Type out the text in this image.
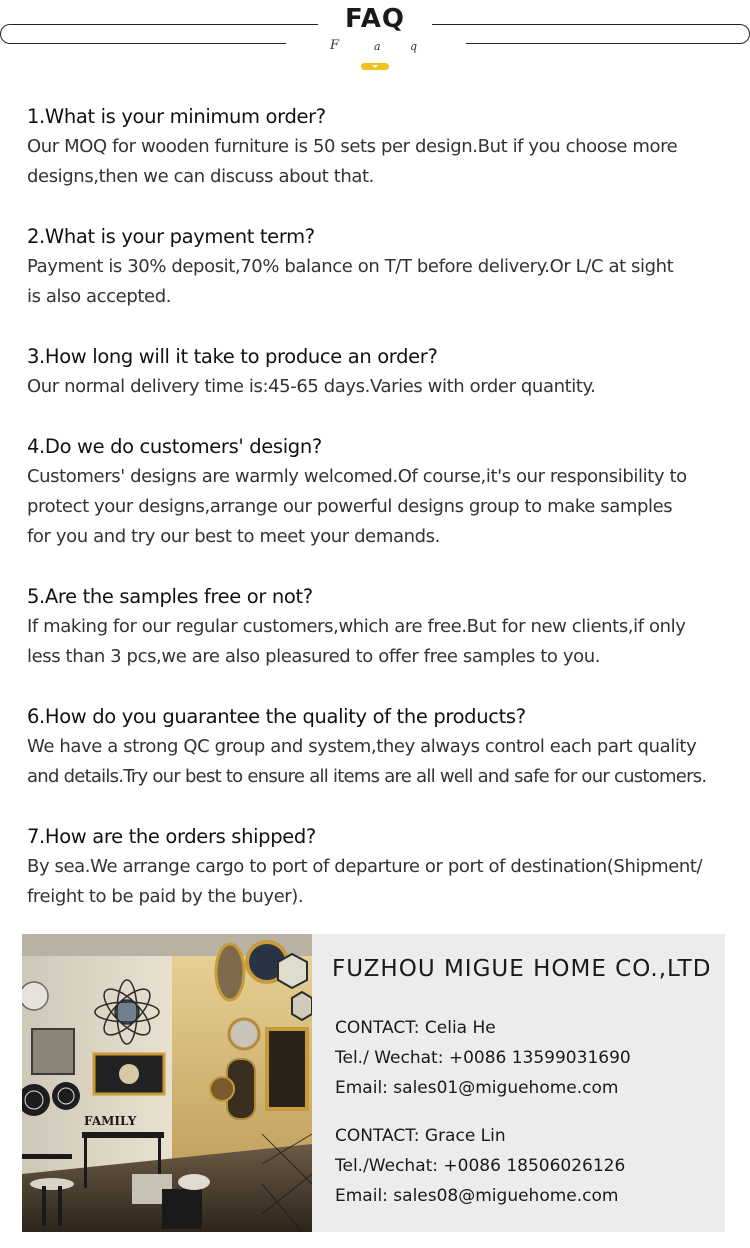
FAQ
F	a	q
1.What is your minimum order?
Our MOQ for wooden furniture is 50 sets per design.But if you choose more
designs,then we can discuss about that.
2.What is your payment term?
Payment is 30% deposit,70% balance on T/T before delivery.Or L/C at sight
is also accepted.
3.How long will it take to produce an order?
Our normal delivery time is:45-65 days.Varies with order quantity.
4.Do we do customers' design?
Customers' designs are warmly welcomed.Of course,it's our responsibility to
protect your designs,arrange our powerful designs group to make samples
for you and try our best to meet your demands.
5.Are the samples free or not?
If making for our regular customers,which are free.But for new clients,if only
less than 3 pcs,we are also pleasured to offer free samples to you.
6.How do you guarantee the quality of the products?
We have a strong QC group and system,they always control each part quality
and details.Try our best to ensure all items are all well and safe for our customers.
7.How are the orders shipped?
By sea.We arrange cargo to port of departure or port of destination(Shipment/
freight to be paid by the buyer).
FAMILY
FUZHOU MIGUE HOME CO.,LTD
CONTACT: Celia He
Tel./ Wechat: +0086 13599031690
Email: sales01@miguehome.com
CONTACT: Grace Lin
Tel./Wechat: +0086 18506026126
Email: sales08@miguehome.com
